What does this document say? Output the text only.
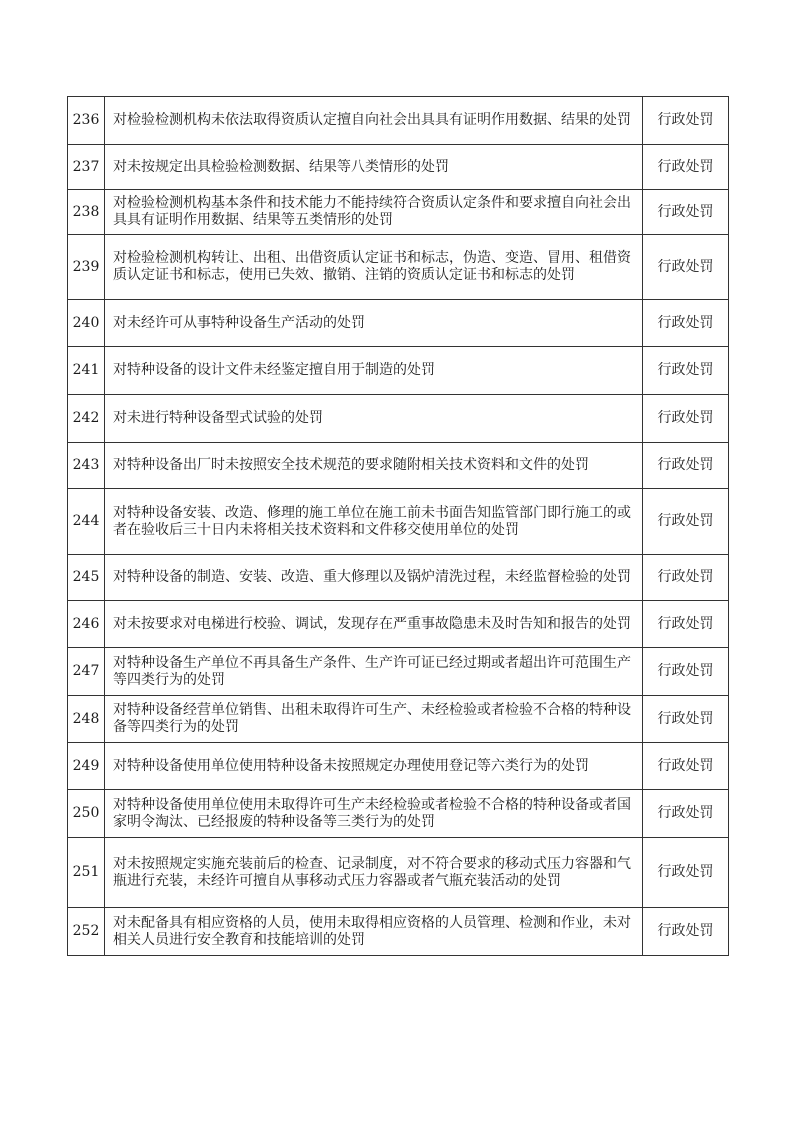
236	对检验检测机构未依法取得资质认定擅自向社会出具具有证明作用数据、结果的处罚	行政处罚
237	对未按规定出具检验检测数据、结果等八类情形的处罚	行政处罚
238	对检验检测机构基本条件和技术能力不能持续符合资质认定条件和要求擅自向社会出具具有证明作用数据、结果等五类情形的处罚	行政处罚
239	对检验检测机构转让、出租、出借资质认定证书和标志，伪造、变造、冒用、租借资质认定证书和标志，使用已失效、撤销、注销的资质认定证书和标志的处罚	行政处罚
240	对未经许可从事特种设备生产活动的处罚	行政处罚
241	对特种设备的设计文件未经鉴定擅自用于制造的处罚	行政处罚
242	对未进行特种设备型式试验的处罚	行政处罚
243	对特种设备出厂时未按照安全技术规范的要求随附相关技术资料和文件的处罚	行政处罚
244	对特种设备安装、改造、修理的施工单位在施工前未书面告知监管部门即行施工的或者在验收后三十日内未将相关技术资料和文件移交使用单位的处罚	行政处罚
245	对特种设备的制造、安装、改造、重大修理以及锅炉清洗过程，未经监督检验的处罚	行政处罚
246	对未按要求对电梯进行校验、调试，发现存在严重事故隐患未及时告知和报告的处罚	行政处罚
247	对特种设备生产单位不再具备生产条件、生产许可证已经过期或者超出许可范围生产等四类行为的处罚	行政处罚
248	对特种设备经营单位销售、出租未取得许可生产、未经检验或者检验不合格的特种设备等四类行为的处罚	行政处罚
249	对特种设备使用单位使用特种设备未按照规定办理使用登记等六类行为的处罚	行政处罚
250	对特种设备使用单位使用未取得许可生产未经检验或者检验不合格的特种设备或者国家明令淘汰、已经报废的特种设备等三类行为的处罚	行政处罚
251	对未按照规定实施充装前后的检查、记录制度，对不符合要求的移动式压力容器和气瓶进行充装，未经许可擅自从事移动式压力容器或者气瓶充装活动的处罚	行政处罚
252	对未配备具有相应资格的人员，使用未取得相应资格的人员管理、检测和作业，未对相关人员进行安全教育和技能培训的处罚	行政处罚
